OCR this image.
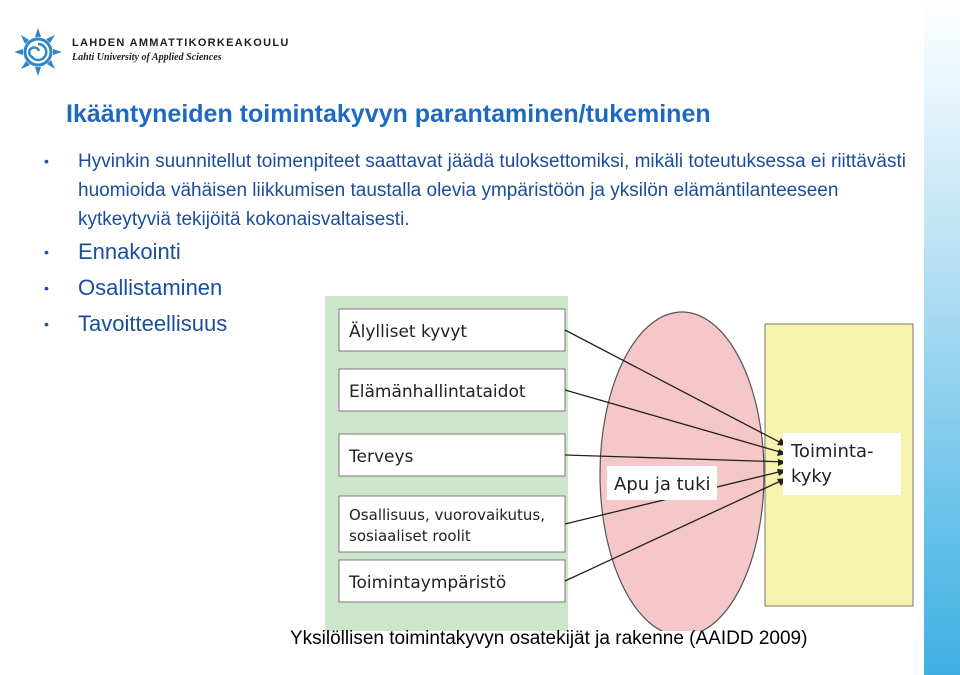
LAHDEN AMMATTIKORKEAKOULU
Lahti University of Applied Sciences
Ikääntyneiden toimintakyvyn parantaminen/tukeminen
• Hyvinkin suunnitellut toimenpiteet saattavat jäädä tuloksettomiksi, mikäli toteutuksessa ei riittävästi huomioida vähäisen liikkumisen taustalla olevia ympäristöön ja yksilön elämäntilanteeseen kytkeytyviä tekijöitä kokonaisvaltaisesti.
• Ennakointi
• Osallistaminen
• Tavoitteellisuus	Älylliset kyvyt
Elämänhallintataidot
Terveys
Osallisuus, vuorovaikutus,
sosiaaliset roolit
Toimintaympäristö
Apu ja tuki
Toiminta-
kyky
Yksilöllisen toimintakyvyn osatekijät ja rakenne (AAIDD 2009)
